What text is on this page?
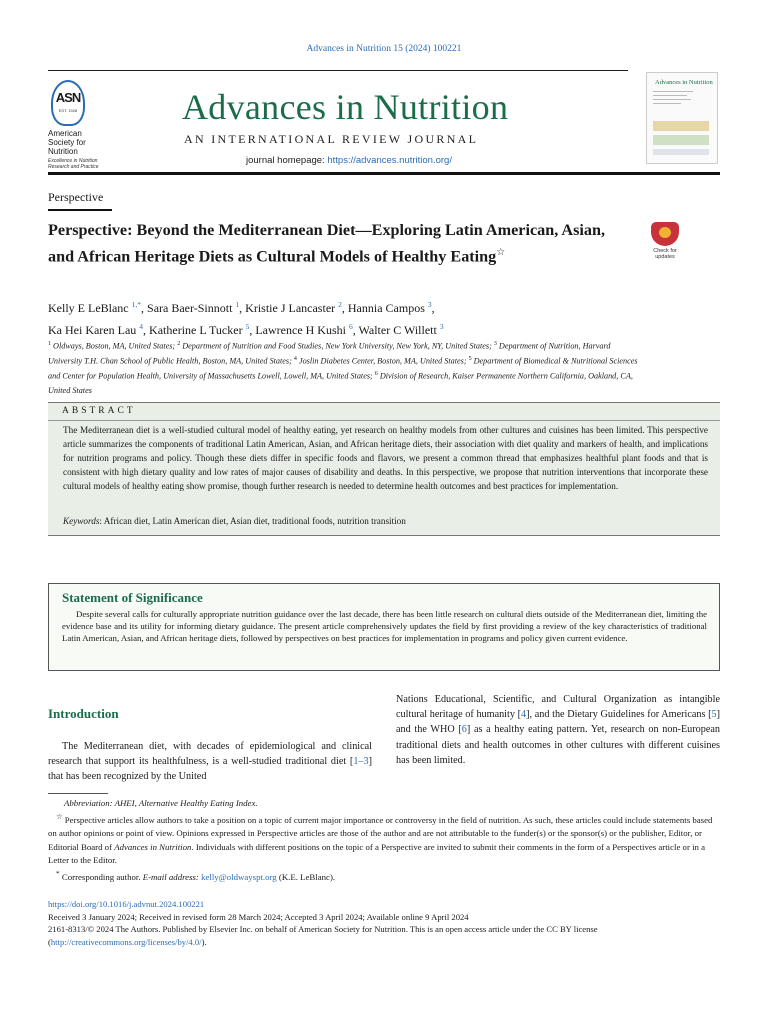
Advances in Nutrition 15 (2024) 100221
ASN
EST. 1928
American
Society for
Nutrition
Excellence in Nutrition Research and Practice
Advances in Nutrition
AN INTERNATIONAL REVIEW JOURNAL
journal homepage: https://advances.nutrition.org/
Advances in Nutrition
Perspective
Perspective: Beyond the Mediterranean Diet—Exploring Latin American, Asian, and African Heritage Diets as Cultural Models of Healthy Eating☆	Check for updates
Kelly E LeBlanc $^{1,*}$, Sara Baer-Sinnott $^1$, Kristie J Lancaster $^2$, Hannia Campos $^3$,
Ka Hei Karen Lau $^4$, Katherine L Tucker $^5$, Lawrence H Kushi $^6$, Walter C Willett $^3$
$^1$ Oldways, Boston, MA, United States; $^2$ Department of Nutrition and Food Studies, New York University, New York, NY, United States; $^3$ Department of Nutrition, Harvard University T.H. Chan School of Public Health, Boston, MA, United States; $^4$ Joslin Diabetes Center, Boston, MA, United States; $^5$ Department of Biomedical & Nutritional Sciences and Center for Population Health, University of Massachusetts Lowell, Lowell, MA, United States; $^6$ Division of Research, Kaiser Permanente Northern California, Oakland, CA, United States
ABSTRACT
The Mediterranean diet is a well-studied cultural model of healthy eating, yet research on healthy models from other cultures and cuisines has been limited. This perspective article summarizes the components of traditional Latin American, Asian, and African heritage diets, their association with diet quality and markers of health, and implications for nutrition programs and policy. Though these diets differ in specific foods and flavors, we present a common thread that emphasizes healthful plant foods and that is consistent with high dietary quality and low rates of major causes of disability and deaths. In this perspective, we propose that nutrition interventions that incorporate these cultural models of healthy eating show promise, though further research is needed to determine health outcomes and best practices for implementation.
Keywords: African diet, Latin American diet, Asian diet, traditional foods, nutrition transition
Statement of Significance
Despite several calls for culturally appropriate nutrition guidance over the last decade, there has been little research on cultural diets outside of the Mediterranean diet, limiting the evidence base and its utility for informing dietary guidance. The present article comprehensively updates the field by first providing a review of the key characteristics of traditional Latin American, Asian, and African heritage diets, followed by perspectives on best practices for implementation in programs and policy given current evidence.
Introduction
The Mediterranean diet, with decades of epidemiological and clinical research that support its healthfulness, is a well-studied traditional diet [1–3] that has been recognized by the United
Nations Educational, Scientific, and Cultural Organization as intangible cultural heritage of humanity [4], and the Dietary Guidelines for Americans [5] and the WHO [6] as a healthy eating pattern. Yet, research on non-European traditional diets and health outcomes in other cultures with different cuisines has been limited.

Abbreviation: AHEI, Alternative Healthy Eating Index.

☆ Perspective articles allow authors to take a position on a topic of current major importance or controversy in the field of nutrition. As such, these articles could include statements based on author opinions or point of view. Opinions expressed in Perspective articles are those of the author and are not attributable to the funder(s) or the sponsor(s) or the publisher, Editor, or Editorial Board of Advances in Nutrition. Individuals with different positions on the topic of a Perspective are invited to submit their comments in the form of a Perspectives article or in a Letter to the Editor.

* Corresponding author. E-mail address: kelly@oldwayspt.org (K.E. LeBlanc).

https://doi.org/10.1016/j.advnut.2024.100221
Received 3 January 2024; Received in revised form 28 March 2024; Accepted 3 April 2024; Available online 9 April 2024
2161-8313/© 2024 The Authors. Published by Elsevier Inc. on behalf of American Society for Nutrition. This is an open access article under the CC BY license (http://creativecommons.org/licenses/by/4.0/).
